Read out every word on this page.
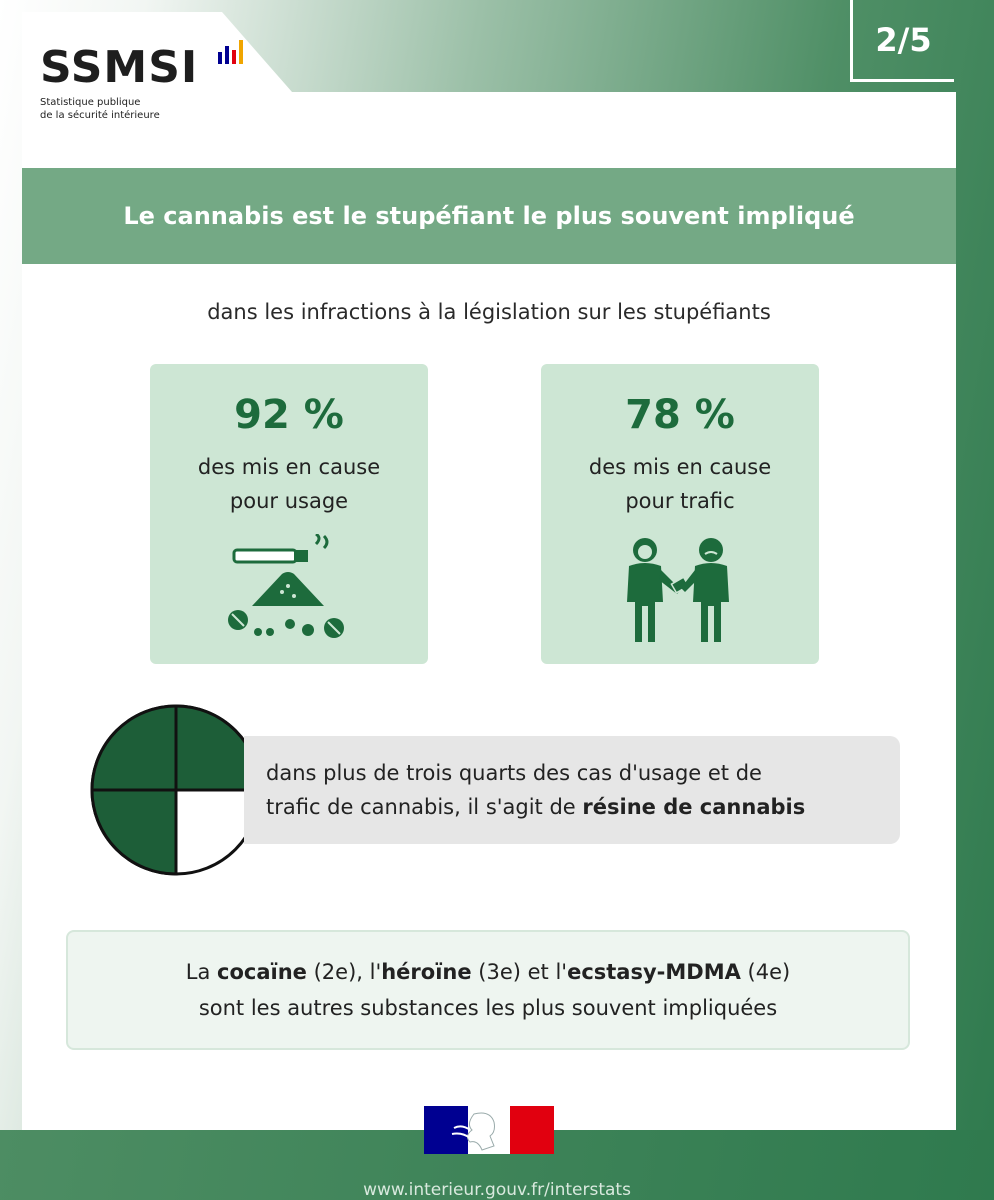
SSMSI
Statistique publique
de la sécurité intérieure
2/5
Le cannabis est le stupéfiant le plus souvent impliqué
dans les infractions à la législation sur les stupéfiants
92 %
des mis en cause
pour usage
78 %
des mis en cause
pour trafic
dans plus de trois quarts des cas d'usage et de
trafic de cannabis, il s'agit de résine de cannabis
La cocaïne (2e), l'héroïne (3e) et l'ecstasy-MDMA (4e)
sont les autres substances les plus souvent impliquées
www.interieur.gouv.fr/interstats
